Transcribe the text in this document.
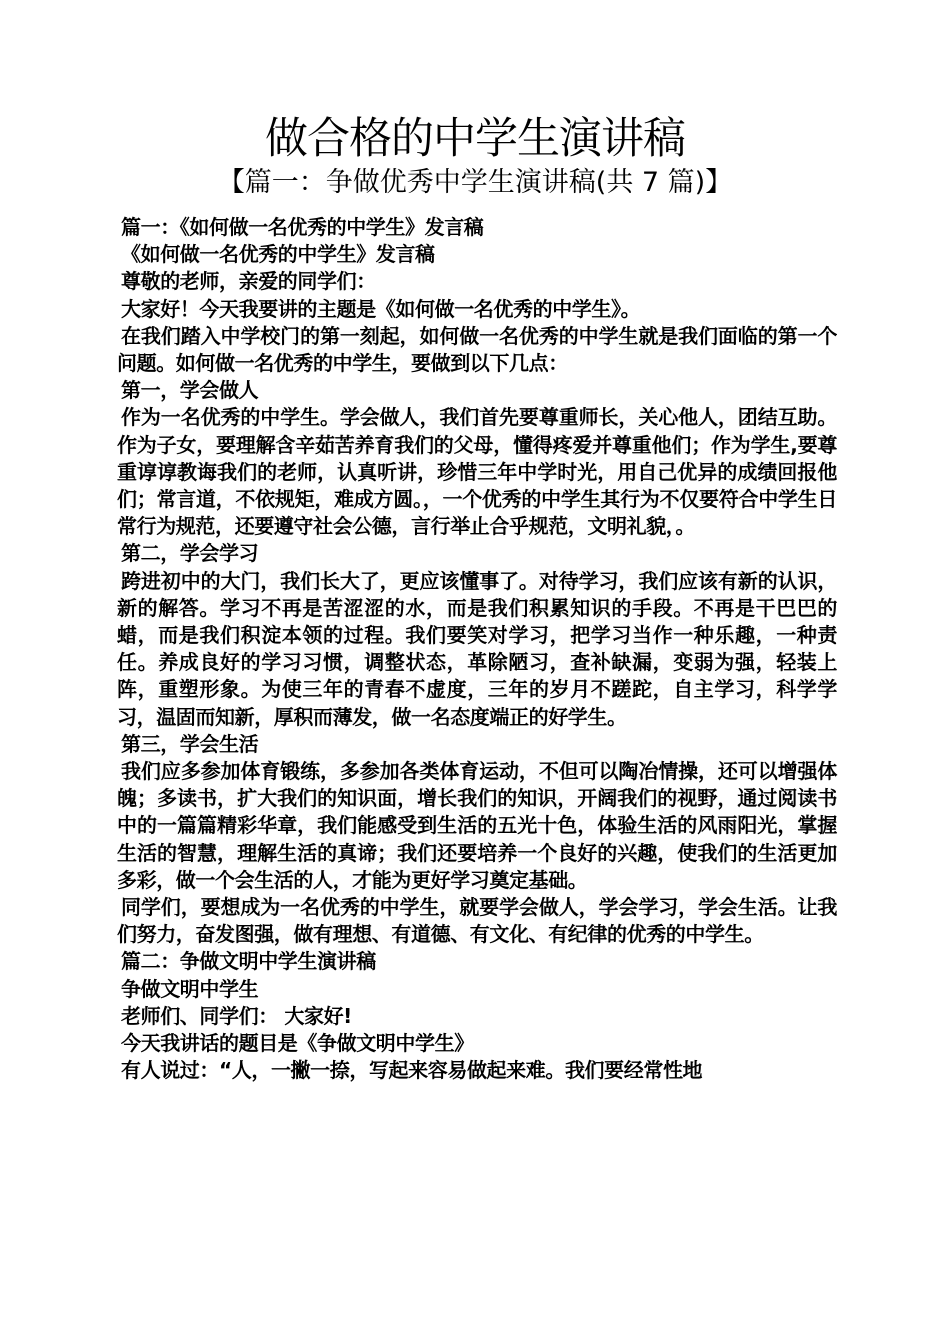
做合格的中学生演讲稿
【篇一：争做优秀中学生演讲稿(共 7 篇)】

篇一：《如何做一名优秀的中学生》发言稿

《如何做一名优秀的中学生》发言稿

尊敬的老师，亲爱的同学们：

大家好！今天我要讲的主题是《如何做一名优秀的中学生》。

在我们踏入中学校门的第一刻起，如何做一名优秀的中学生就是我们面临的第一个问题。如何做一名优秀的中学生，要做到以下几点：

第一，学会做人

作为一名优秀的中学生。学会做人，我们首先要尊重师长，关心他人，团结互助。作为子女，要理解含辛茹苦养育我们的父母，懂得疼爱并尊重他们；作为学生,要尊重谆谆教诲我们的老师，认真听讲，珍惜三年中学时光，用自己优异的成绩回报他们；常言道，不依规矩，难成方圆。，一个优秀的中学生其行为不仅要符合中学生日常行为规范，还要遵守社会公德，言行举止合乎规范，文明礼貌，。

第二，学会学习

跨进初中的大门，我们长大了，更应该懂事了。对待学习，我们应该有新的认识，新的解答。学习不再是苦涩涩的水，而是我们积累知识的手段。不再是干巴巴的蜡，而是我们积淀本领的过程。我们要笑对学习，把学习当作一种乐趣，一种责任。养成良好的学习习惯，调整状态，革除陋习，查补缺漏，变弱为强，轻装上阵，重塑形象。为使三年的青春不虚度，三年的岁月不蹉跎，自主学习，科学学习，温固而知新，厚积而薄发，做一名态度端正的好学生。

第三，学会生活

我们应多参加体育锻练，多参加各类体育运动，不但可以陶冶情操，还可以增强体魄；多读书，扩大我们的知识面，增长我们的知识，开阔我们的视野，通过阅读书中的一篇篇精彩华章，我们能感受到生活的五光十色，体验生活的风雨阳光，掌握生活的智慧，理解生活的真谛；我们还要培养一个良好的兴趣，使我们的生活更加多彩，做一个会生活的人，才能为更好学习奠定基础。

同学们，要想成为一名优秀的中学生，就要学会做人，学会学习，学会生活。让我们努力，奋发图强，做有理想、有道德、有文化、有纪律的优秀的中学生。

篇二：争做文明中学生演讲稿

争做文明中学生

老师们、同学们： 大家好!

今天我讲话的题目是《争做文明中学生》

有人说过：“人，一撇一捺，写起来容易做起来难。我们要经常性地
